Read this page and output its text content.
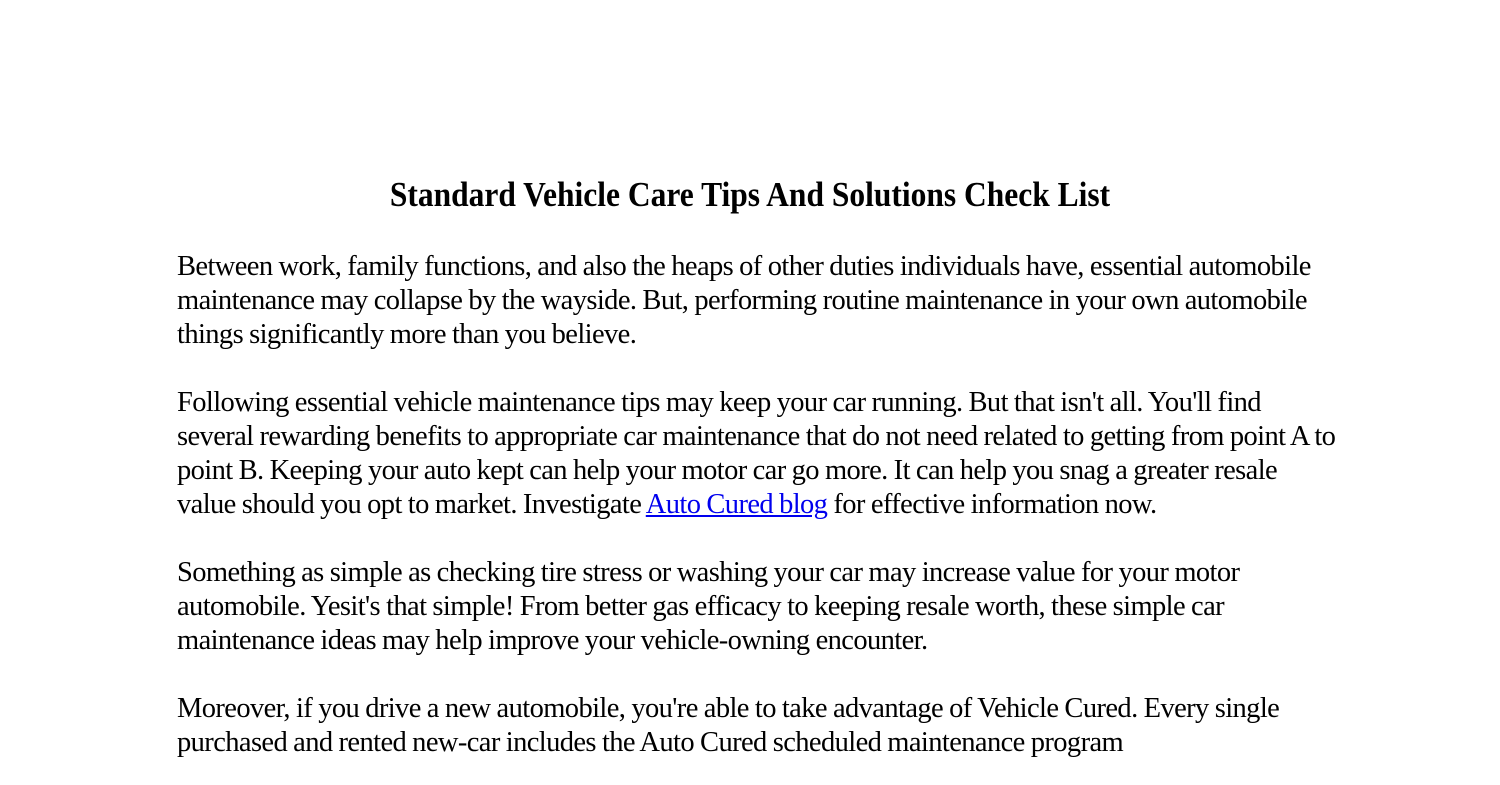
Standard Vehicle Care Tips And Solutions Check List

Between work, family functions, and also the heaps of other duties individuals have, essential automobile maintenance may collapse by the wayside. But, performing routine maintenance in your own automobile things significantly more than you believe.

Following essential vehicle maintenance tips may keep your car running. But that isn't all. You'll find several rewarding benefits to appropriate car maintenance that do not need related to getting from point A to point B. Keeping your auto kept can help your motor car go more. It can help you snag a greater resale value should you opt to market. Investigate Auto Cured blog for effective information now.

Something as simple as checking tire stress or washing your car may increase value for your motor automobile. Yesit's that simple! From better gas efficacy to keeping resale worth, these simple car maintenance ideas may help improve your vehicle-owning encounter.

Moreover, if you drive a new automobile, you're able to take advantage of Vehicle Cured. Every single purchased and rented new-car includes the Auto Cured scheduled maintenance program
